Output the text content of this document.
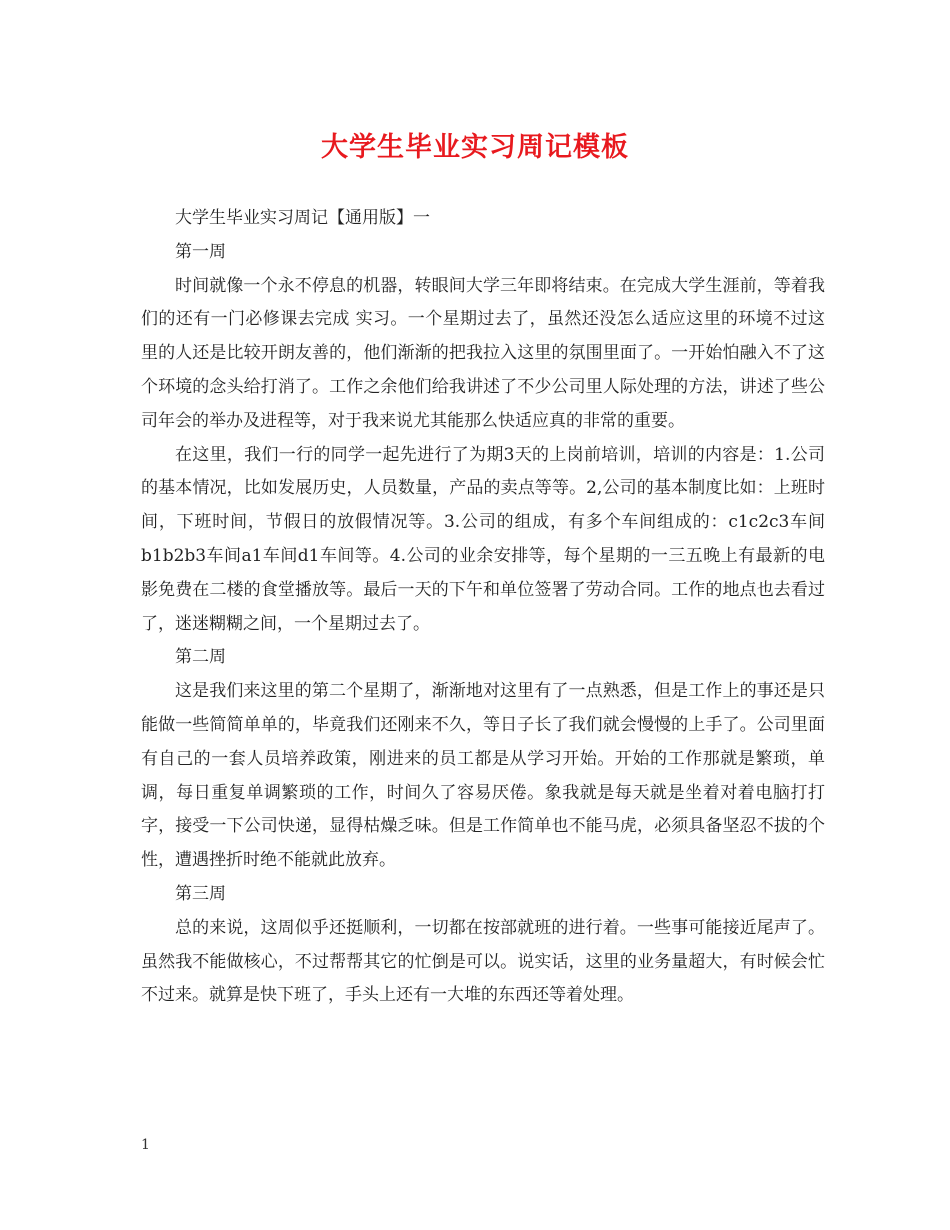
大学生毕业实习周记模板

大学生毕业实习周记【通用版】一

第一周

时间就像一个永不停息的机器，转眼间大学三年即将结束。在完成大学生涯前，等着我们的还有一门必修课去完成 实习。一个星期过去了，虽然还没怎么适应这里的环境不过这里的人还是比较开朗友善的，他们渐渐的把我拉入这里的氛围里面了。一开始怕融入不了这个环境的念头给打消了。工作之余他们给我讲述了不少公司里人际处理的方法，讲述了些公司年会的举办及进程等，对于我来说尤其能那么快适应真的非常的重要。

在这里，我们一行的同学一起先进行了为期3天的上岗前培训，培训的内容是：1.公司的基本情况，比如发展历史，人员数量，产品的卖点等等。2,公司的基本制度比如：上班时间，下班时间，节假日的放假情况等。3.公司的组成，有多个车间组成的：c1c2c3车间b1b2b3车间a1车间d1车间等。4.公司的业余安排等，每个星期的一三五晚上有最新的电影免费在二楼的食堂播放等。最后一天的下午和单位签署了劳动合同。工作的地点也去看过了，迷迷糊糊之间，一个星期过去了。

第二周

这是我们来这里的第二个星期了，渐渐地对这里有了一点熟悉，但是工作上的事还是只能做一些简简单单的，毕竟我们还刚来不久，等日子长了我们就会慢慢的上手了。公司里面有自己的一套人员培养政策，刚进来的员工都是从学习开始。开始的工作那就是繁琐，单调，每日重复单调繁琐的工作，时间久了容易厌倦。象我就是每天就是坐着对着电脑打打字，接受一下公司快递，显得枯燥乏味。但是工作简单也不能马虎，必须具备坚忍不拔的个性，遭遇挫折时绝不能就此放弃。

第三周

总的来说，这周似乎还挺顺利，一切都在按部就班的进行着。一些事可能接近尾声了。虽然我不能做核心，不过帮帮其它的忙倒是可以。说实话，这里的业务量超大，有时候会忙不过来。就算是快下班了，手头上还有一大堆的东西还等着处理。

1
